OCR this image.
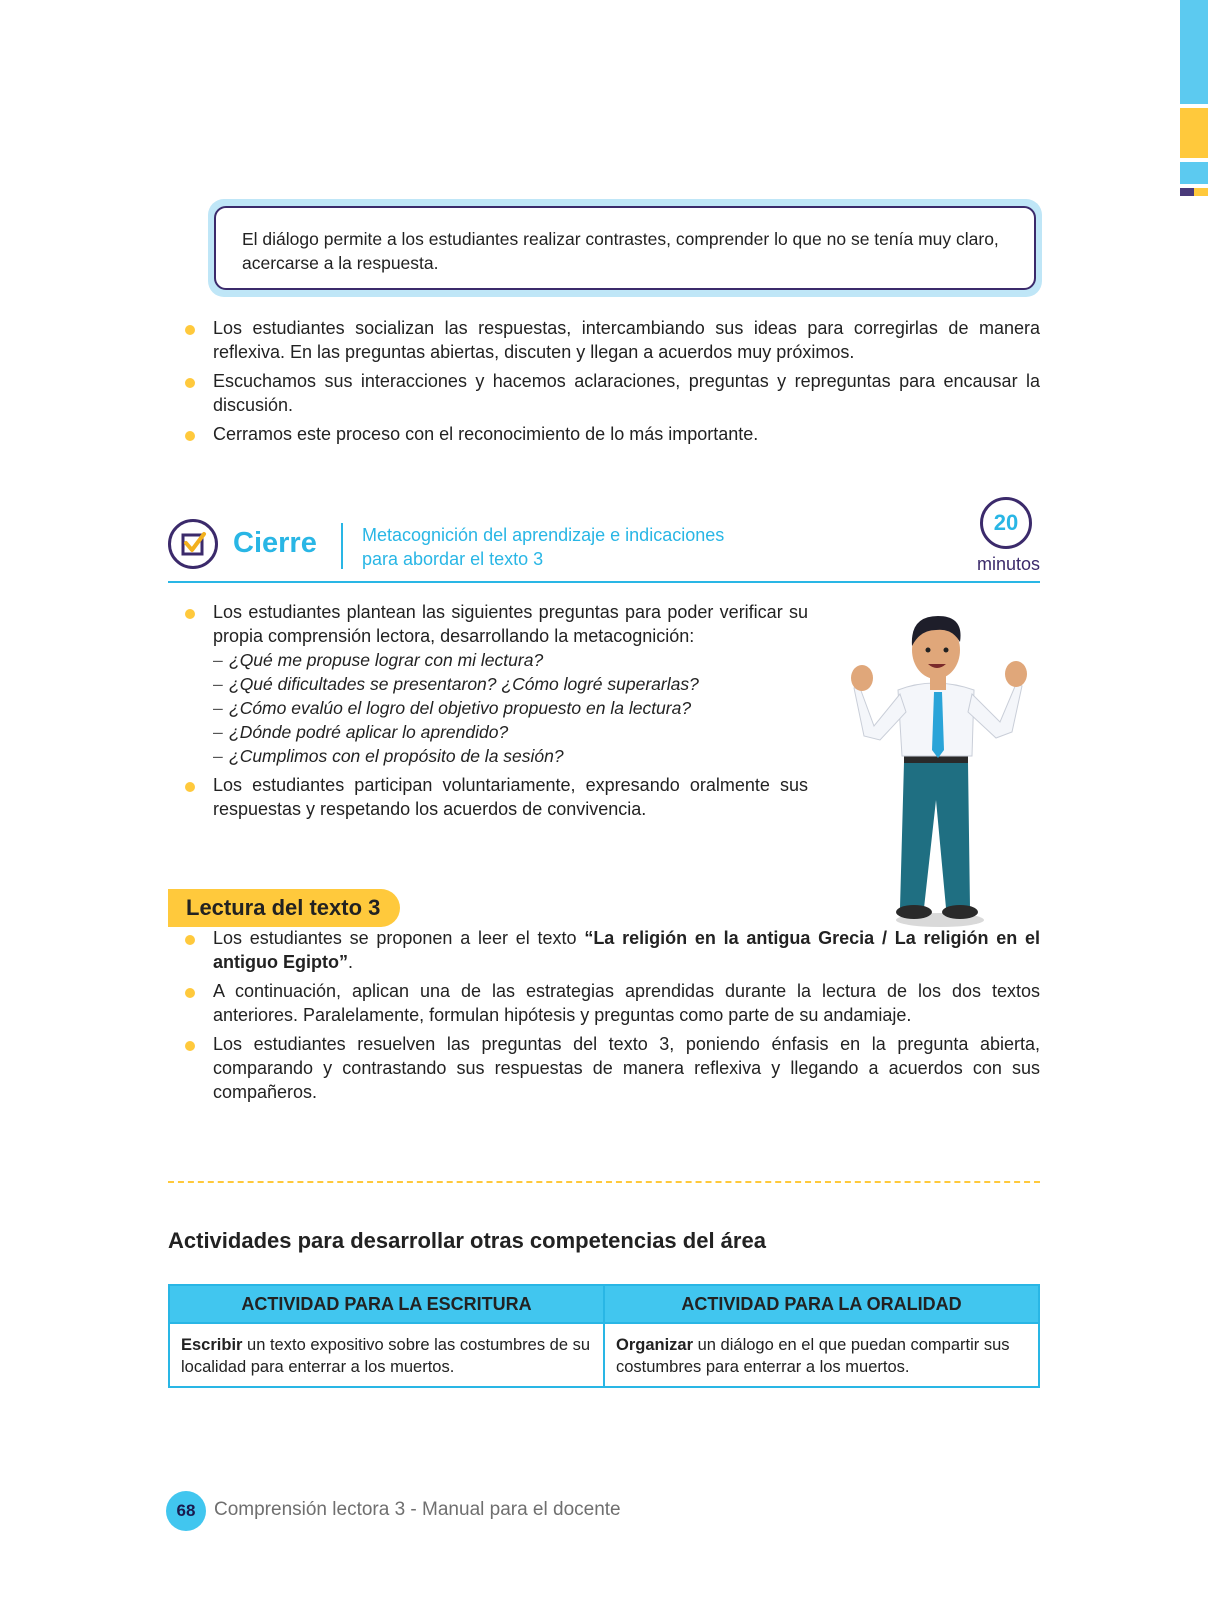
El diálogo permite a los estudiantes realizar contrastes, comprender lo que no se tenía muy claro, acercarse a la respuesta.
Los estudiantes socializan las respuestas, intercambiando sus ideas para corregirlas de manera reflexiva. En las preguntas abiertas, discuten y llegan a acuerdos muy próximos.
Escuchamos sus interacciones y hacemos aclaraciones, preguntas y repreguntas para encausar la discusión.
Cerramos este proceso con el reconocimiento de lo más importante.
Cierre	Metacognición del aprendizaje e indicaciones
para abordar el texto 3
20
minutos
Los estudiantes plantean las siguientes preguntas para poder verificar su propia comprensión lectora, desarrollando la metacognición:
– ¿Qué me propuse lograr con mi lectura?
– ¿Qué dificultades se presentaron? ¿Cómo logré superarlas?
– ¿Cómo evalúo el logro del objetivo propuesto en la lectura?
– ¿Dónde podré aplicar lo aprendido?
– ¿Cumplimos con el propósito de la sesión?
Los estudiantes participan voluntariamente, expresando oralmente sus respuestas y respetando los acuerdos de convivencia.
Lectura del texto 3
Los estudiantes se proponen a leer el texto “La religión en la antigua Grecia / La religión en el antiguo Egipto”.
A continuación, aplican una de las estrategias aprendidas durante la lectura de los dos textos anteriores. Paralelamente, formulan hipótesis y preguntas como parte de su andamiaje.
Los estudiantes resuelven las preguntas del texto 3, poniendo énfasis en la pregunta abierta, comparando y contrastando sus respuestas de manera reflexiva y llegando a acuerdos con sus compañeros.
Actividades para desarrollar otras competencias del área
ACTIVIDAD PARA LA ESCRITURA	ACTIVIDAD PARA LA ORALIDAD
Escribir un texto expositivo sobre las costumbres de su localidad para enterrar a los muertos.	Organizar un diálogo en el que puedan compartir sus costumbres para enterrar a los muertos.
68 Comprensión lectora 3 - Manual para el docente
